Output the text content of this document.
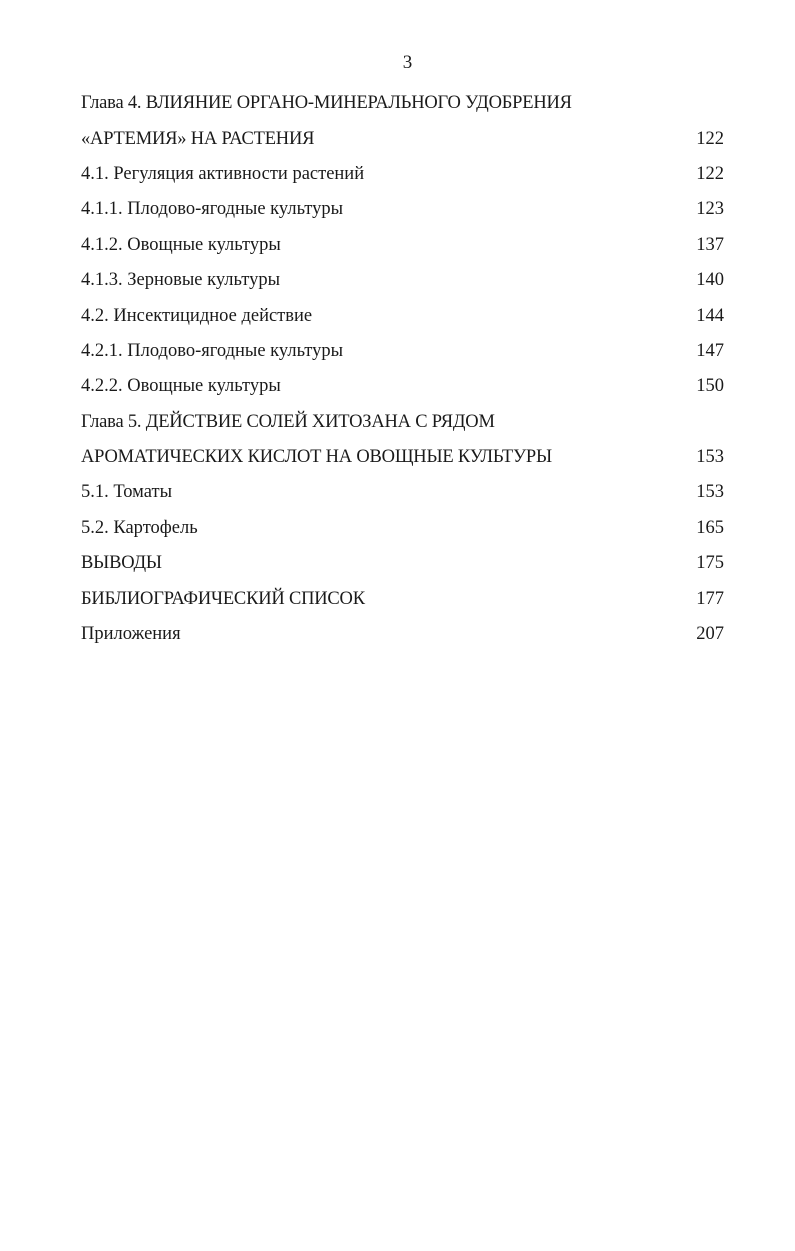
3
Глава 4. ВЛИЯНИЕ ОРГАНО-МИНЕРАЛЬНОГО УДОБРЕНИЯ
«АРТЕМИЯ» НА РАСТЕНИЯ	122
4.1. Регуляция активности растений	122
4.1.1. Плодово-ягодные культуры	123
4.1.2. Овощные культуры	137
4.1.3. Зерновые культуры	140
4.2. Инсектицидное действие	144
4.2.1. Плодово-ягодные культуры	147
4.2.2. Овощные культуры	150
Глава 5. ДЕЙСТВИЕ СОЛЕЙ ХИТОЗАНА С РЯДОМ
АРОМАТИЧЕСКИХ КИСЛОТ НА ОВОЩНЫЕ КУЛЬТУРЫ	153
5.1. Томаты	153
5.2. Картофель	165
ВЫВОДЫ	175
БИБЛИОГРАФИЧЕСКИЙ СПИСОК	177
Приложения	207
